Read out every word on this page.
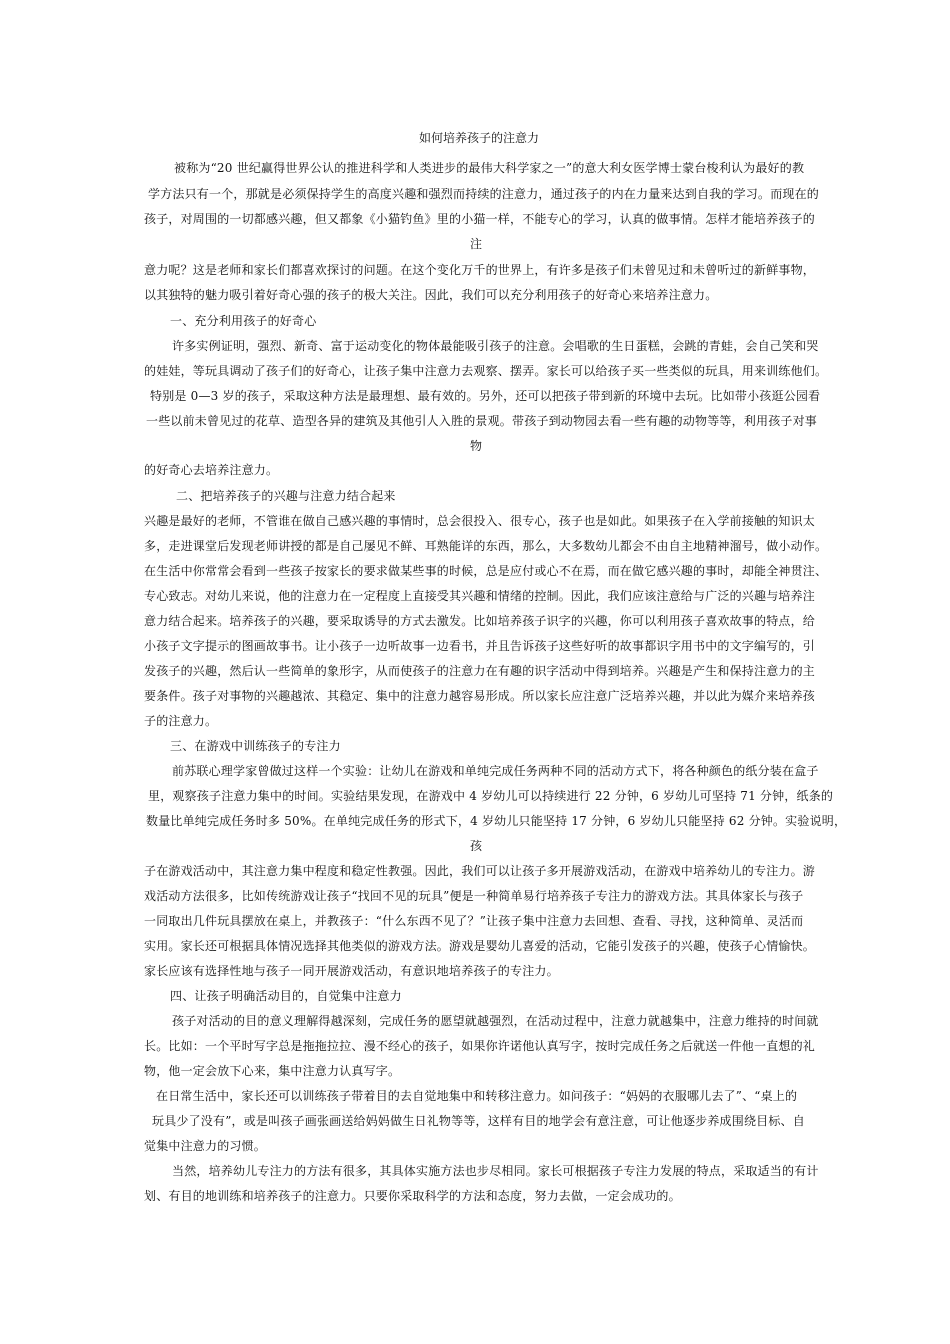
如何培养孩子的注意力
被称为“20 世纪赢得世界公认的推进科学和人类进步的最伟大科学家之一”的意大利女医学博士蒙台梭利认为最好的教
学方法只有一个，那就是必须保持学生的高度兴趣和强烈而持续的注意力，通过孩子的内在力量来达到自我的学习。而现在的
孩子，对周围的一切都感兴趣，但又都象《小猫钓鱼》里的小猫一样，不能专心的学习，认真的做事情。怎样才能培养孩子的
注
意力呢？这是老师和家长们都喜欢探讨的问题。在这个变化万千的世界上，有许多是孩子们未曾见过和未曾听过的新鲜事物，
以其独特的魅力吸引着好奇心强的孩子的极大关注。因此，我们可以充分利用孩子的好奇心来培养注意力。
一、充分利用孩子的好奇心
许多实例证明，强烈、新奇、富于运动变化的物体最能吸引孩子的注意。会唱歌的生日蛋糕，会跳的青蛙，会自己笑和哭
的娃娃，等玩具调动了孩子们的好奇心，让孩子集中注意力去观察、摆弄。家长可以给孩子买一些类似的玩具，用来训练他们。
特别是 0—3 岁的孩子，采取这种方法是最理想、最有效的。另外，还可以把孩子带到新的环境中去玩。比如带小孩逛公园看
一些以前未曾见过的花草、造型各异的建筑及其他引人入胜的景观。带孩子到动物园去看一些有趣的动物等等，利用孩子对事
物
的好奇心去培养注意力。
二、把培养孩子的兴趣与注意力结合起来
兴趣是最好的老师，不管谁在做自己感兴趣的事情时，总会很投入、很专心，孩子也是如此。如果孩子在入学前接触的知识太
多，走进课堂后发现老师讲授的都是自己屡见不鲜、耳熟能详的东西，那么，大多数幼儿都会不由自主地精神溜号，做小动作。
在生活中你常常会看到一些孩子按家长的要求做某些事的时候，总是应付或心不在焉，而在做它感兴趣的事时，却能全神贯注、
专心致志。对幼儿来说，他的注意力在一定程度上直接受其兴趣和情绪的控制。因此，我们应该注意给与广泛的兴趣与培养注
意力结合起来。培养孩子的兴趣，要采取诱导的方式去激发。比如培养孩子识字的兴趣，你可以利用孩子喜欢故事的特点，给
小孩子文字提示的图画故事书。让小孩子一边听故事一边看书，并且告诉孩子这些好听的故事都识字用书中的文字编写的，引
发孩子的兴趣，然后认一些简单的象形字，从而使孩子的注意力在有趣的识字活动中得到培养。兴趣是产生和保持注意力的主
要条件。孩子对事物的兴趣越浓、其稳定、集中的注意力越容易形成。所以家长应注意广泛培养兴趣，并以此为媒介来培养孩
子的注意力。
三、在游戏中训练孩子的专注力
前苏联心理学家曾做过这样一个实验：让幼儿在游戏和单纯完成任务两种不同的活动方式下，将各种颜色的纸分装在盒子
里，观察孩子注意力集中的时间。实验结果发现，在游戏中 4 岁幼儿可以持续进行 22 分钟，6 岁幼儿可坚持 71 分钟，纸条的
数量比单纯完成任务时多 50%。在单纯完成任务的形式下，4 岁幼儿只能坚持 17 分钟，6 岁幼儿只能坚持 62 分钟。实验说明，
孩
子在游戏活动中，其注意力集中程度和稳定性教强。因此，我们可以让孩子多开展游戏活动，在游戏中培养幼儿的专注力。游
戏活动方法很多，比如传统游戏让孩子“找回不见的玩具”便是一种简单易行培养孩子专注力的游戏方法。其具体家长与孩子
一同取出几件玩具摆放在桌上，并教孩子：“什么东西不见了？”让孩子集中注意力去回想、查看、寻找，这种简单、灵活而
实用。家长还可根据具体情况选择其他类似的游戏方法。游戏是婴幼儿喜爱的活动，它能引发孩子的兴趣，使孩子心情愉快。
家长应该有选择性地与孩子一同开展游戏活动，有意识地培养孩子的专注力。
四、让孩子明确活动目的，自觉集中注意力
孩子对活动的目的意义理解得越深刻，完成任务的愿望就越强烈，在活动过程中，注意力就越集中，注意力维持的时间就
长。比如：一个平时写字总是拖拖拉拉、漫不经心的孩子，如果你许诺他认真写字，按时完成任务之后就送一件他一直想的礼
物，他一定会放下心来，集中注意力认真写字。
在日常生活中，家长还可以训练孩子带着目的去自觉地集中和转移注意力。如问孩子：“妈妈的衣服哪儿去了”、“桌上的
玩具少了没有”，或是叫孩子画张画送给妈妈做生日礼物等等，这样有目的地学会有意注意，可让他逐步养成围绕目标、自
觉集中注意力的习惯。
当然，培养幼儿专注力的方法有很多，其具体实施方法也步尽相同。家长可根据孩子专注力发展的特点，采取适当的有计
划、有目的地训练和培养孩子的注意力。只要你采取科学的方法和态度，努力去做，一定会成功的。
